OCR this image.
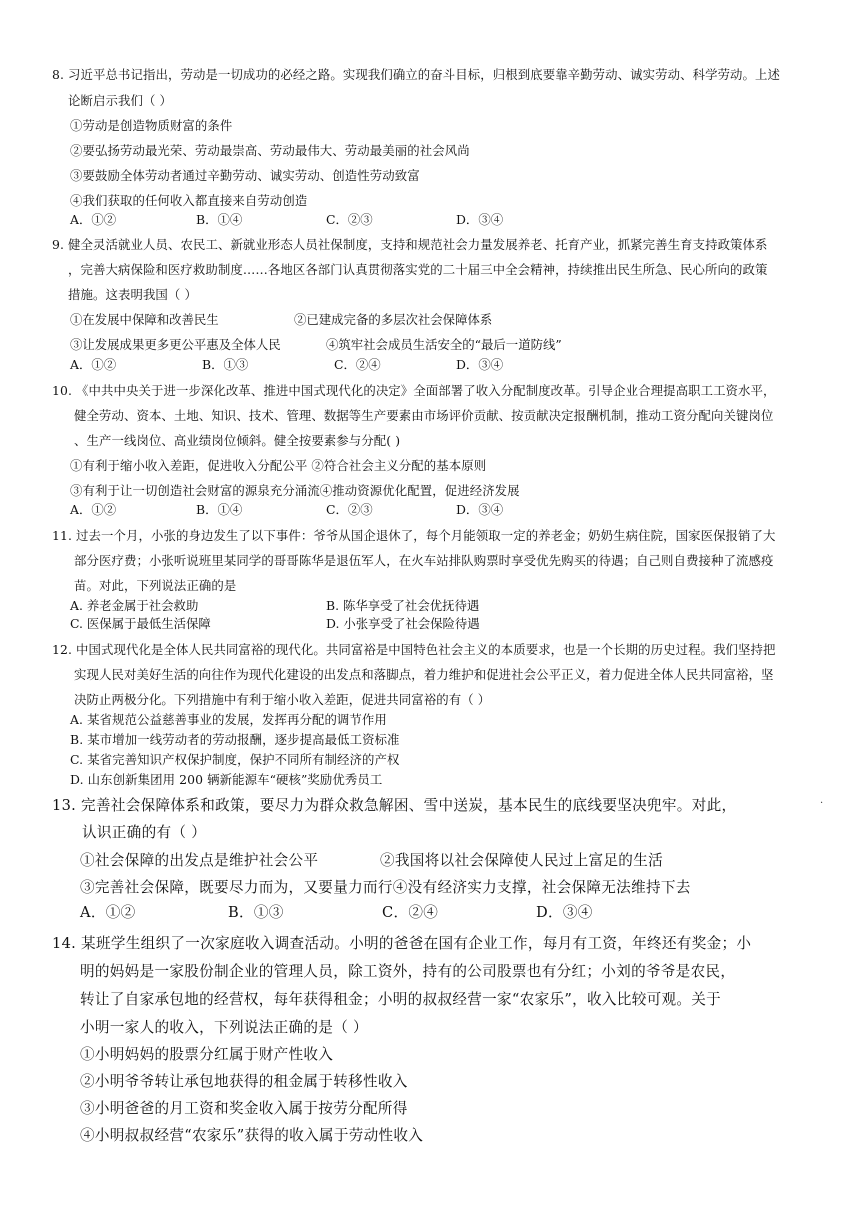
8. 习近平总书记指出，劳动是一切成功的必经之路。实现我们确立的奋斗目标，归根到底要靠辛勤劳动、诚实劳动、科学劳动。上述
论断启示我们（ ）
①劳动是创造物质财富的条件
②要弘扬劳动最光荣、劳动最崇高、劳动最伟大、劳动最美丽的社会风尚
③要鼓励全体劳动者通过辛勤劳动、诚实劳动、创造性劳动致富
④我们获取的任何收入都直接来自劳动创造
A．①②	B．①④	C．②③	D．③④
9. 健全灵活就业人员、农民工、新就业形态人员社保制度，支持和规范社会力量发展养老、托育产业，抓紧完善生育支持政策体系
，完善大病保险和医疗救助制度……各地区各部门认真贯彻落实党的二十届三中全会精神，持续推出民生所急、民心所向的政策
措施。这表明我国（ ）
①在发展中保障和改善民生	②已建成完备的多层次社会保障体系
③让发展成果更多更公平惠及全体人民	④筑牢社会成员生活安全的“最后一道防线”
A．①②	B．①③	C．②④	D．③④
10. 《中共中央关于进一步深化改革、推进中国式现代化的决定》全面部署了收入分配制度改革。引导企业合理提高职工工资水平，
健全劳动、资本、土地、知识、技术、管理、数据等生产要素由市场评价贡献、按贡献决定报酬机制，推动工资分配向关键岗位
、生产一线岗位、高业绩岗位倾斜。健全按要素参与分配( )
①有利于缩小收入差距，促进收入分配公平 ②符合社会主义分配的基本原则
③有利于让一切创造社会财富的源泉充分涌流④推动资源优化配置，促进经济发展
A．①②	B．①④	C．②③	D．③④
11. 过去一个月，小张的身边发生了以下事件：爷爷从国企退休了，每个月能领取一定的养老金；奶奶生病住院，国家医保报销了大
部分医疗费；小张听说班里某同学的哥哥陈华是退伍军人，在火车站排队购票时享受优先购买的待遇；自己则自费接种了流感疫
苗。对此，下列说法正确的是
A. 养老金属于社会救助	B. 陈华享受了社会优抚待遇
C. 医保属于最低生活保障	D. 小张享受了社会保险待遇
12. 中国式现代化是全体人民共同富裕的现代化。共同富裕是中国特色社会主义的本质要求，也是一个长期的历史过程。我们坚持把
实现人民对美好生活的向往作为现代化建设的出发点和落脚点，着力维护和促进社会公平正义，着力促进全体人民共同富裕，坚
决防止两极分化。下列措施中有利于缩小收入差距，促进共同富裕的有（ ）
A. 某省规范公益慈善事业的发展，发挥再分配的调节作用
B. 某市增加一线劳动者的劳动报酬，逐步提高最低工资标准
C. 某省完善知识产权保护制度，保护不同所有制经济的产权
D. 山东创新集团用 200 辆新能源车“硬核”奖励优秀员工
13. 完善社会保障体系和政策，要尽力为群众救急解困、雪中送炭，基本民生的底线要坚决兜牢。对此，	·
认识正确的有（ ）
①社会保障的出发点是维护社会公平	②我国将以社会保障使人民过上富足的生活
③完善社会保障，既要尽力而为，又要量力而行④没有经济实力支撑，社会保障无法维持下去
A．①②	B．①③	C．②④	D．③④
14. 某班学生组织了一次家庭收入调查活动。小明的爸爸在国有企业工作，每月有工资，年终还有奖金；小
明的妈妈是一家股份制企业的管理人员，除工资外，持有的公司股票也有分红；小刘的爷爷是农民，
转让了自家承包地的经营权，每年获得租金；小明的叔叔经营一家“农家乐”，收入比较可观。关于
小明一家人的收入，下列说法正确的是（ ）
①小明妈妈的股票分红属于财产性收入
②小明爷爷转让承包地获得的租金属于转移性收入
③小明爸爸的月工资和奖金收入属于按劳分配所得
④小明叔叔经营“农家乐”获得的收入属于劳动性收入
